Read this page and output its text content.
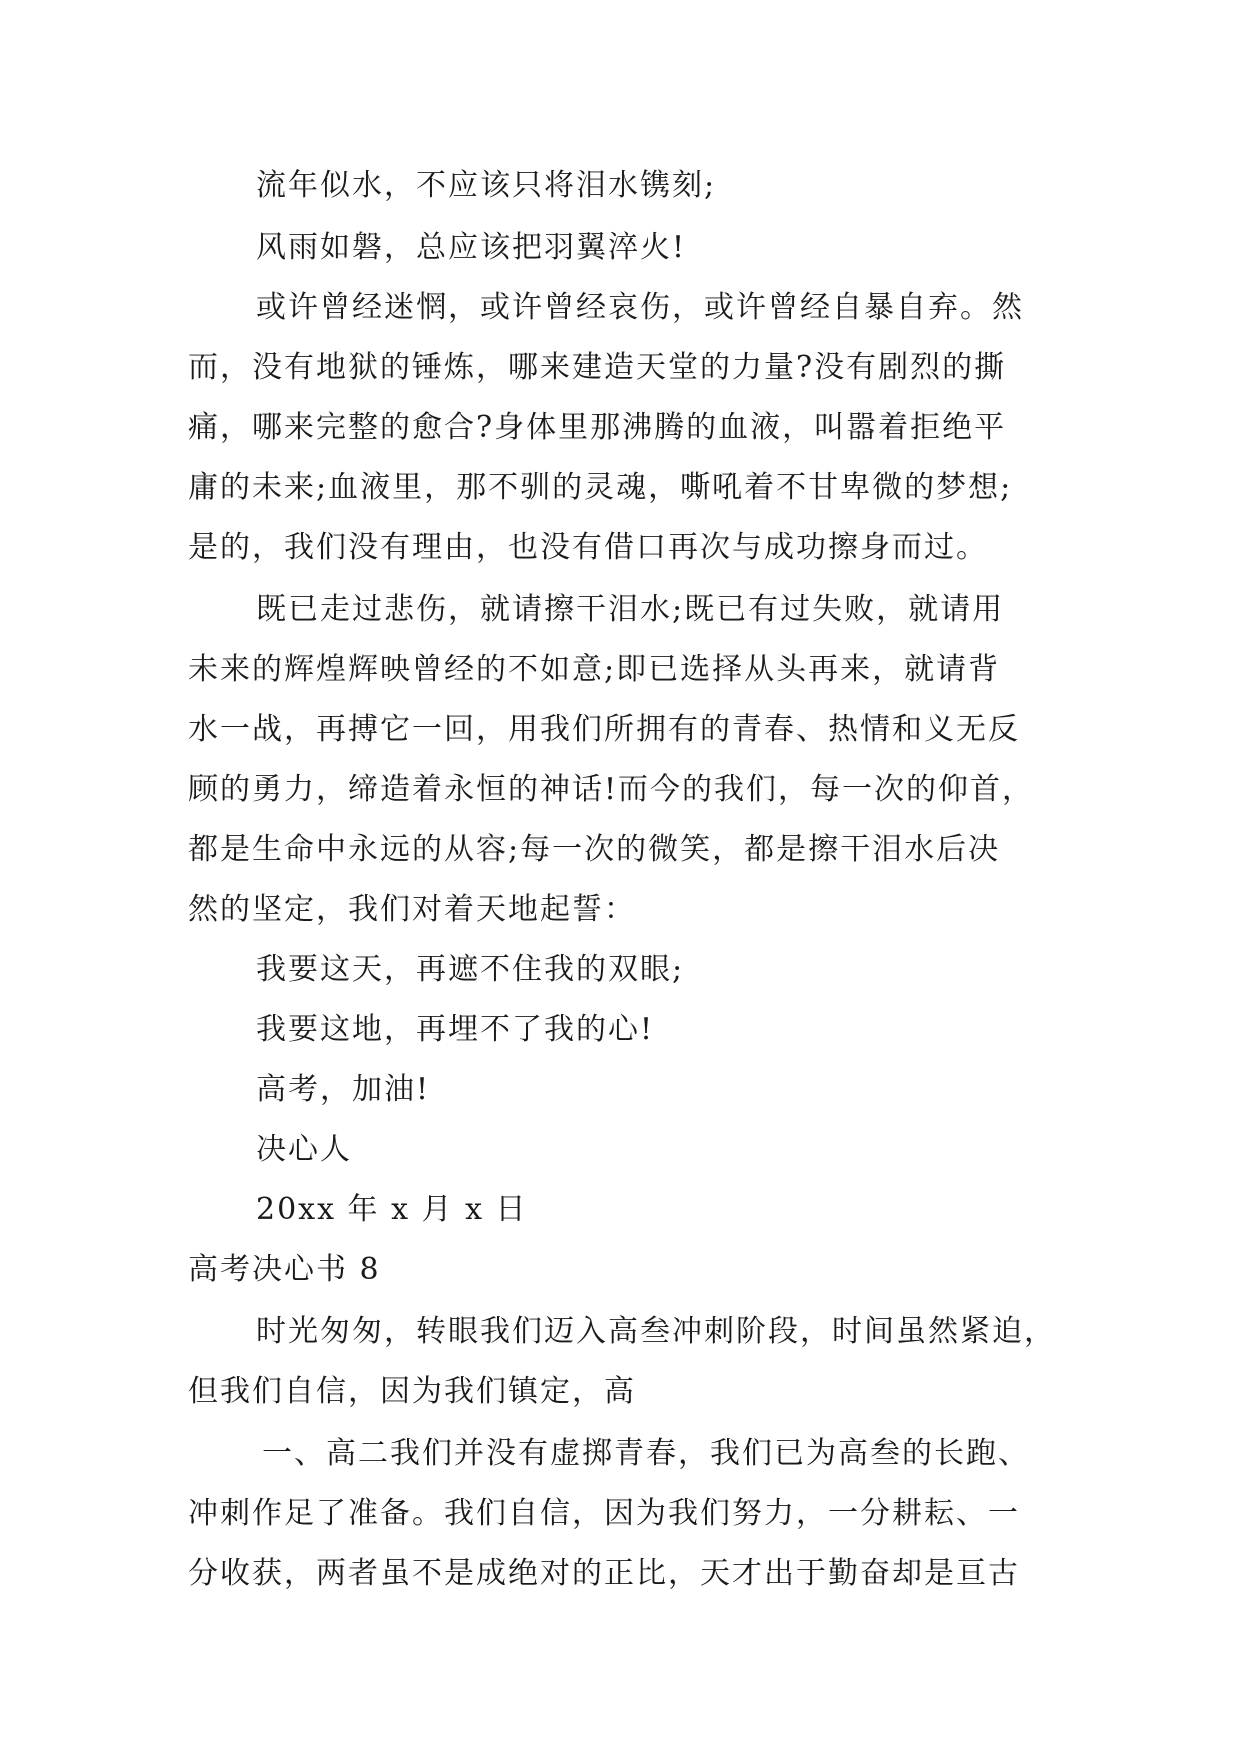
流年似水，不应该只将泪水镌刻;
风雨如磐，总应该把羽翼淬火!
或许曾经迷惘，或许曾经哀伤，或许曾经自暴自弃。然
而，没有地狱的锤炼，哪来建造天堂的力量?没有剧烈的撕
痛，哪来完整的愈合?身体里那沸腾的血液，叫嚣着拒绝平
庸的未来;血液里，那不驯的灵魂，嘶吼着不甘卑微的梦想;
是的，我们没有理由，也没有借口再次与成功擦身而过。
既已走过悲伤，就请擦干泪水;既已有过失败，就请用
未来的辉煌辉映曾经的不如意;即已选择从头再来，就请背
水一战，再搏它一回，用我们所拥有的青春、热情和义无反
顾的勇力，缔造着永恒的神话!而今的我们，每一次的仰首，
都是生命中永远的从容;每一次的微笑，都是擦干泪水后决
然的坚定，我们对着天地起誓：
我要这天，再遮不住我的双眼;
我要这地，再埋不了我的心!
高考，加油!
决心人
20xx 年 x 月 x 日
高考决心书 8
时光匆匆，转眼我们迈入高叁冲刺阶段，时间虽然紧迫，
但我们自信，因为我们镇定，高
一、高二我们并没有虚掷青春，我们已为高叁的长跑、
冲刺作足了准备。我们自信，因为我们努力，一分耕耘、一
分收获，两者虽不是成绝对的正比，天才出于勤奋却是亘古
